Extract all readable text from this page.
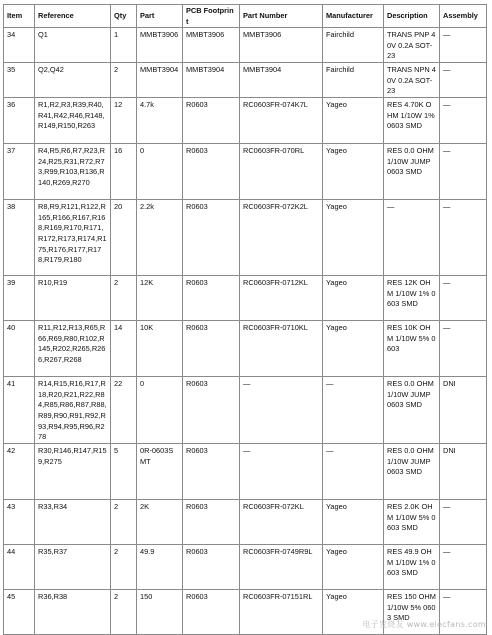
Item	Reference	Qty	Part	PCB Footprint	Part Number	Manufacturer	Description	Assembly
34	Q1	1	MMBT3906	MMBT3906	MMBT3906	Fairchild	TRANS PNP 40V 0.2A SOT-23	—
35	Q2,Q42	2	MMBT3904	MMBT3904	MMBT3904	Fairchild	TRANS NPN 40V 0.2A SOT-23	—
36	R1,R2,R3,R39,R40,R41,R42,R46,R148,R149,R150,R263	12	4.7k	R0603	RC0603FR-074K7L	Yageo	RES 4.70K OHM 1/10W 1% 0603 SMD	—
37	R4,R5,R6,R7,R23,R24,R25,R31,R72,R73,R99,R103,R136,R140,R269,R270	16	0	R0603	RC0603FR-070RL	Yageo	RES 0.0 OHM 1/10W JUMP 0603 SMD	—
38	R8,R9,R121,R122,R165,R166,R167,R168,R169,R170,R171,R172,R173,R174,R175,R176,R177,R178,R179,R180	20	2.2k	R0603	RC0603FR-072K2L	Yageo	—	—
39	R10,R19	2	12K	R0603	RC0603FR-0712KL	Yageo	RES 12K OHM 1/10W 1% 0603 SMD	—
40	R11,R12,R13,R65,R66,R69,R80,R102,R145,R202,R265,R266,R267,R268	14	10K	R0603	RC0603FR-0710KL	Yageo	RES 10K OHM 1/10W 5% 0603	—
41	R14,R15,R16,R17,R18,R20,R21,R22,R84,R85,R86,R87,R88,R89,R90,R91,R92,R93,R94,R95,R96,R278	22	0	R0603	—	—	RES 0.0 OHM 1/10W JUMP 0603 SMD	DNI
42	R30,R146,R147,R159,R275	5	0R-0603SMT	R0603	—	—	RES 0.0 OHM 1/10W JUMP 0603 SMD	DNI
43	R33,R34	2	2K	R0603	RC0603FR-072KL	Yageo	RES 2.0K OHM 1/10W 5% 0603 SMD	—
44	R35,R37	2	49.9	R0603	RC0603FR-0749R9L	Yageo	RES 49.9 OHM 1/10W 1% 0603 SMD	—
45	R36,R38	2	150	R0603	RC0603FR-07151RL	Yageo	RES 150 OHM 1/10W 5% 0603 SMD	—
电子发烧友 www.elecfans.com
